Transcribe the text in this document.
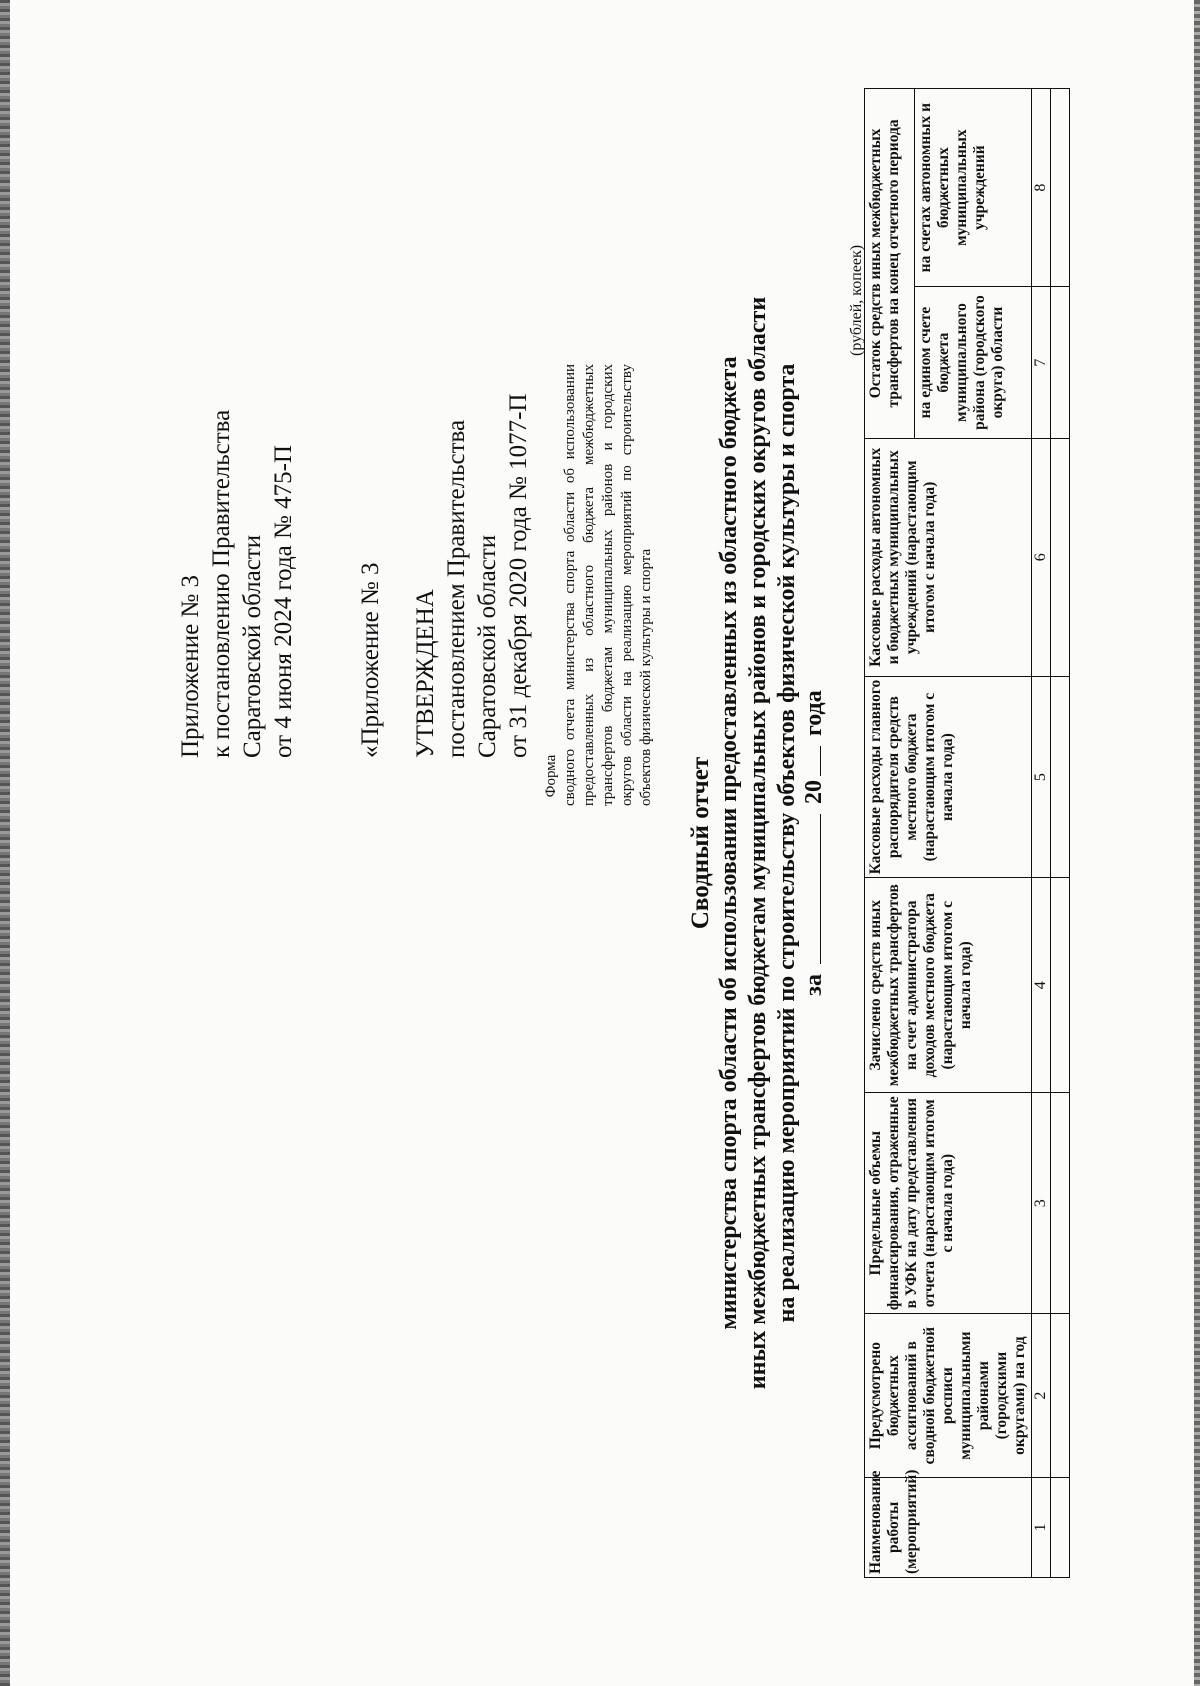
Приложение № 3 к постановлению Правительства Саратовской области от 4 июня 2024 года № 475-П «Приложение № 3 УТВЕРЖДЕНА постановлением Правительства Саратовской области от 31 декабря 2020 года № 1077-П
Форма сводного отчета министерства спорта области об использовании предоставленных из областного бюджета межбюджетных трансфертов бюджетам муниципальных районов и городских округов области на реализацию мероприятий по строительству объектов физической культуры и спорта
Сводный отчет министерства спорта области об использовании предоставленных из областного бюджета иных межбюджетных трансфертов бюджетам муниципальных районов и городских округов области на реализацию мероприятий по строительству объектов физической культуры и спорта за  20 года
(рублей, копеек)
Наименование работы (мероприятий)	Предусмотрено бюджетных ассигнований в сводной бюджетной росписи муниципальными районами (городскими округами) на год	Предельные объемы финансирования, отраженные в УФК на дату представления отчета (нарастающим итогом с начала года)	Зачислено средств иных межбюджетных трансфертов на счет администратора доходов местного бюджета (нарастающим итогом с начала года)	Кассовые расходы главного распорядителя средств местного бюджета (нарастающим итогом с начала года)	Кассовые расходы автономных и бюджетных муниципальных учреждений (нарастающим итогом с начала года)	Остаток средств иных межбюджетных трансфертов на конец отчетного периода	
						на едином счете бюджета муниципального района (городского округа) области	на счетах автономных и бюджетных муниципальных учреждений
1	2	3	4	5	6	7	8
